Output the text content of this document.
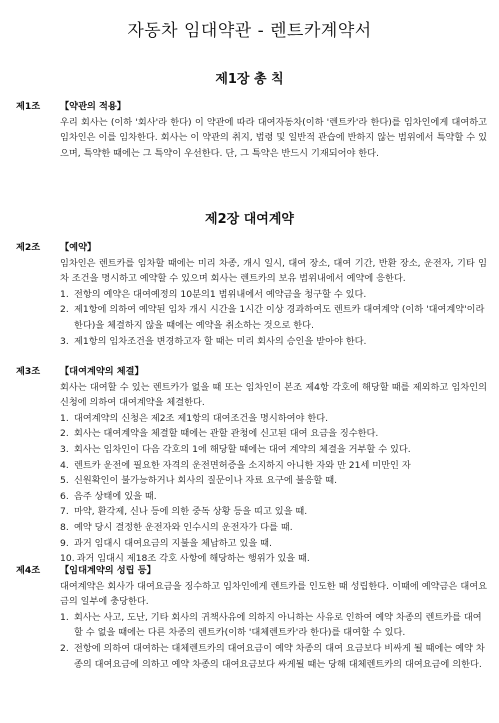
자동차 임대약관 - 렌트카계약서
제1장 총 칙
제1조	【약관의 적용】
우리 회사는 (이하 '회사'라 한다) 이 약관에 따라 대여자동차(이하 '렌트카'라 한다)를 임차인에게 대여하고 임차인은 이를 임차한다. 회사는 이 약관의 취지, 법령 및 일반적 관습에 반하지 않는 범위에서 특약할 수 있으며, 특약한 때에는 그 특약이 우선한다. 단, 그 특약은 반드시 기재되어야 한다.
제2장 대여계약
제2조	【예약】
임차인은 렌트카를 임차할 때에는 미리 차종, 개시 일시, 대여 장소, 대여 기간, 반환 장소, 운전자, 기타 임차 조건을 명시하고 예약할 수 있으며 회사는 렌트카의 보유 범위내에서 예약에 응한다.
1. 전항의 예약은 대여예정의 10분의1 범위내에서 예약금을 청구할 수 있다.
2. 제1항에 의하여 예약된 임차 개시 시간을 1시간 이상 경과하여도 렌트카 대여계약 (이하 '대여계약'이라 한다)을 체결하지 않을 때에는 예약을 취소하는 것으로 한다.
3. 제1항의 임차조건을 변경하고자 할 때는 미리 회사의 승인을 받아야 한다.
제3조	【대여계약의 체결】
회사는 대여할 수 있는 렌트카가 없을 때 또는 임차인이 본조 제4항 각호에 해당할 때를 제외하고 임차인의 신청에 의하여 대여계약을 체결한다.
1. 대여계약의 신청은 제2조 제1항의 대여조건을 명시하여야 한다.
2. 회사는 대여계약을 체결할 때에는 관할 관청에 신고된 대여 요금을 징수한다.
3. 회사는 임차인이 다음 각호의 1에 해당할 때에는 대여 계약의 체결을 거부할 수 있다.
4. 렌트카 운전에 필요한 자격의 운전면허증을 소지하지 아니한 자와 만 21세 미만인 자
5. 신원확인이 불가능하거나 회사의 질문이나 자료 요구에 불응할 때.
6. 음주 상태에 있을 때.
7. 마약, 환각제, 신나 등에 의한 중독 상황 등을 띠고 있을 때.
8. 예약 당시 결정한 운전자와 인수시의 운전자가 다를 때.
9. 과거 임대시 대여요금의 지불을 체납하고 있을 때.
10. 과거 임대시 제18조 각호 사항에 해당하는 행위가 있을 때.
제4조	【임대계약의 성립 등】
대여계약은 회사가 대여요금을 징수하고 임차인에게 렌트카를 인도한 때 성립한다. 이때에 예약금은 대여요금의 일부에 충당한다.
1. 회사는 사고, 도난, 기타 회사의 귀책사유에 의하지 아니하는 사유로 인하여 예약 차종의 렌트카를 대여할 수 없을 때에는 다른 차종의 렌트카(이하 '대체렌트카'라 한다)를 대여할 수 있다.
2. 전항에 의하여 대여하는 대체렌트카의 대여요금이 예약 차종의 대여 요금보다 비싸게 될 때에는 예약 차종의 대여요금에 의하고 예약 차종의 대여요금보다 싸게될 때는 당해 대체렌트카의 대여요금에 의한다.
